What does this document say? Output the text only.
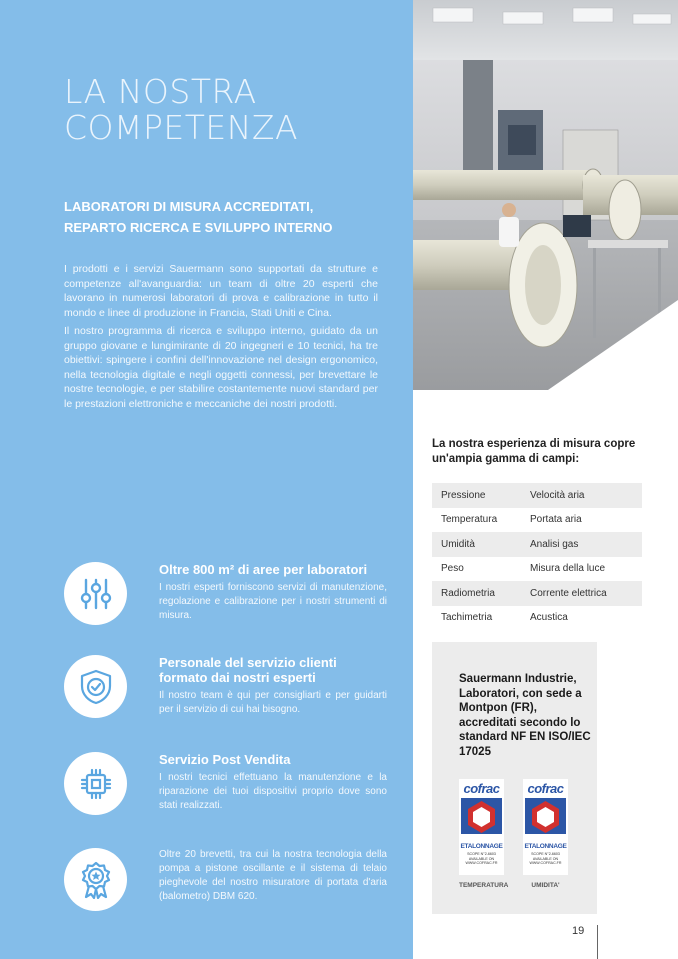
LA NOSTRA
COMPETENZA
LABORATORI DI MISURA ACCREDITATI,
REPARTO RICERCA E SVILUPPO INTERNO

I prodotti e i servizi Sauermann sono supportati da strutture e competenze all'avanguardia: un team di oltre 20 esperti che lavorano in numerosi laboratori di prova e calibrazione in tutto il mondo e linee di produzione in Francia, Stati Uniti e Cina.

Il nostro programma di ricerca e sviluppo interno, guidato da un gruppo giovane e lungimirante di 20 ingegneri e 10 tecnici, ha tre obiettivi: spingere i confini dell'innovazione nel design ergonomico, nella tecnologia digitale e negli oggetti connessi, per brevettare le nostre tecnologie, e per stabilire costantemente nuovi standard per le prestazioni elettroniche e meccaniche dei nostri prodotti.

Oltre 800 m² di aree per laboratori

I nostri esperti forniscono servizi di manutenzione, regolazione e calibrazione per i nostri strumenti di misura.

Personale del servizio clienti formato dai nostri esperti

Il nostro team è qui per consigliarti e per guidarti per il servizio di cui hai bisogno.

Servizio Post Vendita

I nostri tecnici effettuano la manutenzione e la riparazione dei tuoi dispositivi proprio dove sono stati realizzati.

Oltre 20 brevetti, tra cui la nostra tecnologia della pompa a pistone oscillante e il sistema di telaio pieghevole del nostro misuratore di portata d'aria (balometro) DBM 620.

La nostra esperienza di misura copre un'ampia gamma di campi:
Pressione	Velocità aria
Temperatura	Portata aria
Umidità	Analisi gas
Peso	Misura della luce
Radiometria	Corrente elettrica
Tachimetria	Acustica
Sauermann Industrie, Laboratori, con sede a Montpon (FR), accreditati secondo lo standard NF EN ISO/IEC 17025
cofrac
ETALONNAGE
SCOPE N°2-6603 AVAILABLE ON WWW.COFRAC.FR
TEMPERATURA
cofrac
ETALONNAGE
SCOPE N°2-6603 AVAILABLE ON WWW.COFRAC.FR
UMIDITA'
19
